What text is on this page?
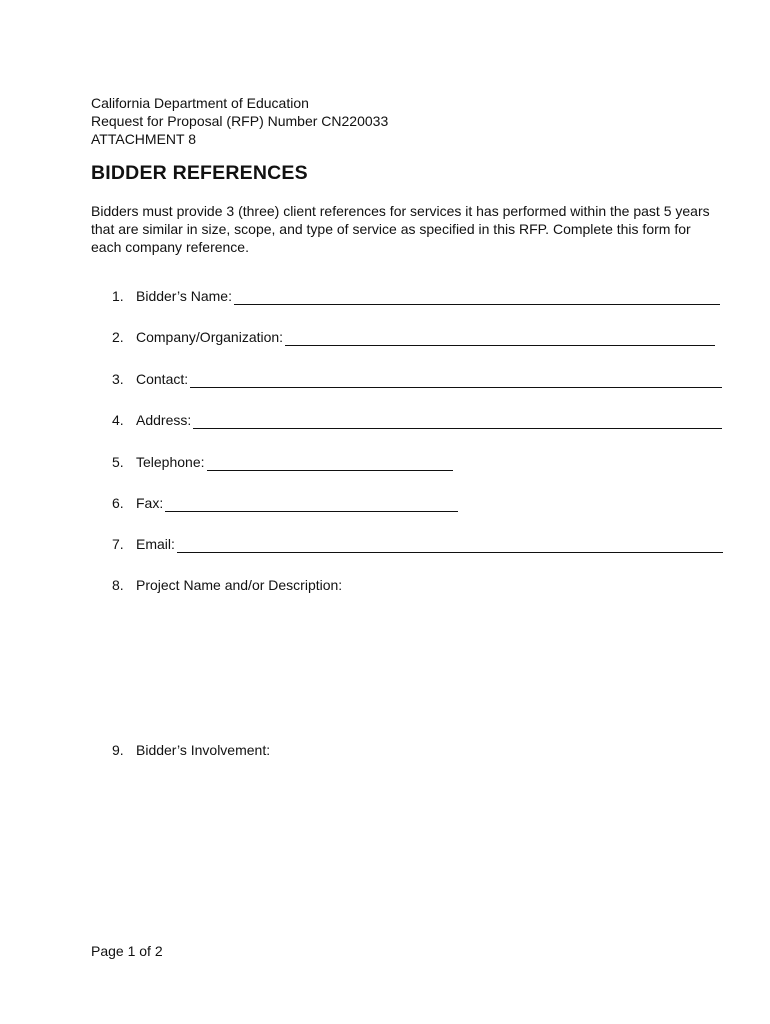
California Department of Education
Request for Proposal (RFP) Number CN220033
ATTACHMENT 8
BIDDER REFERENCES

Bidders must provide 3 (three) client references for services it has performed within the past 5 years that are similar in size, scope, and type of service as specified in this RFP. Complete this form for each company reference.

1. Bidder’s Name:
2. Company/Organization:
3. Contact:
4. Address:
5. Telephone:
6. Fax:
7. Email:
8. Project Name and/or Description:
9. Bidder’s Involvement:
Page 1 of 2
